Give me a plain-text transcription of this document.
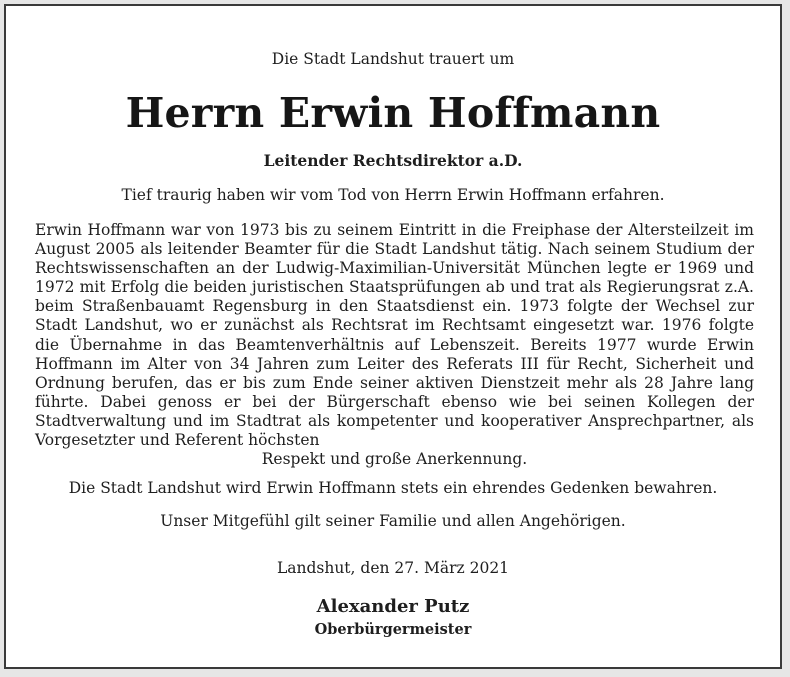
Die Stadt Landshut trauert um
Herrn Erwin Hoffmann
Leitender Rechtsdirektor a.D.
Tief traurig haben wir vom Tod von Herrn Erwin Hoffmann erfahren.
Erwin Hoffmann war von 1973 bis zu seinem Eintritt in die Freiphase der Altersteilzeit im August 2005 als leitender Beamter für die Stadt Landshut tätig. Nach seinem Studium der Rechtswissenschaften an der Ludwig-Maximilian-Universität München legte er 1969 und 1972 mit Erfolg die beiden juristischen Staatsprüfungen ab und trat als Regierungsrat z.A. beim Straßenbauamt Regensburg in den Staatsdienst ein. 1973 folgte der Wechsel zur Stadt Landshut, wo er zunächst als Rechtsrat im Rechtsamt eingesetzt war. 1976 folgte die Übernahme in das Beamtenverhältnis auf Lebenszeit. Bereits 1977 wurde Erwin Hoffmann im Alter von 34 Jahren zum Leiter des Referats III für Recht, Sicherheit und Ordnung berufen, das er bis zum Ende seiner aktiven Dienstzeit mehr als 28 Jahre lang führte. Dabei genoss er bei der Bürgerschaft ebenso wie bei seinen Kollegen der Stadtverwaltung und im Stadtrat als kompetenter und kooperativer Ansprechpartner, als Vorgesetzter und Referent höchsten
Respekt und große Anerkennung.
Die Stadt Landshut wird Erwin Hoffmann stets ein ehrendes Gedenken bewahren.
Unser Mitgefühl gilt seiner Familie und allen Angehörigen.
Landshut, den 27. März 2021
Alexander Putz
Oberbürgermeister
